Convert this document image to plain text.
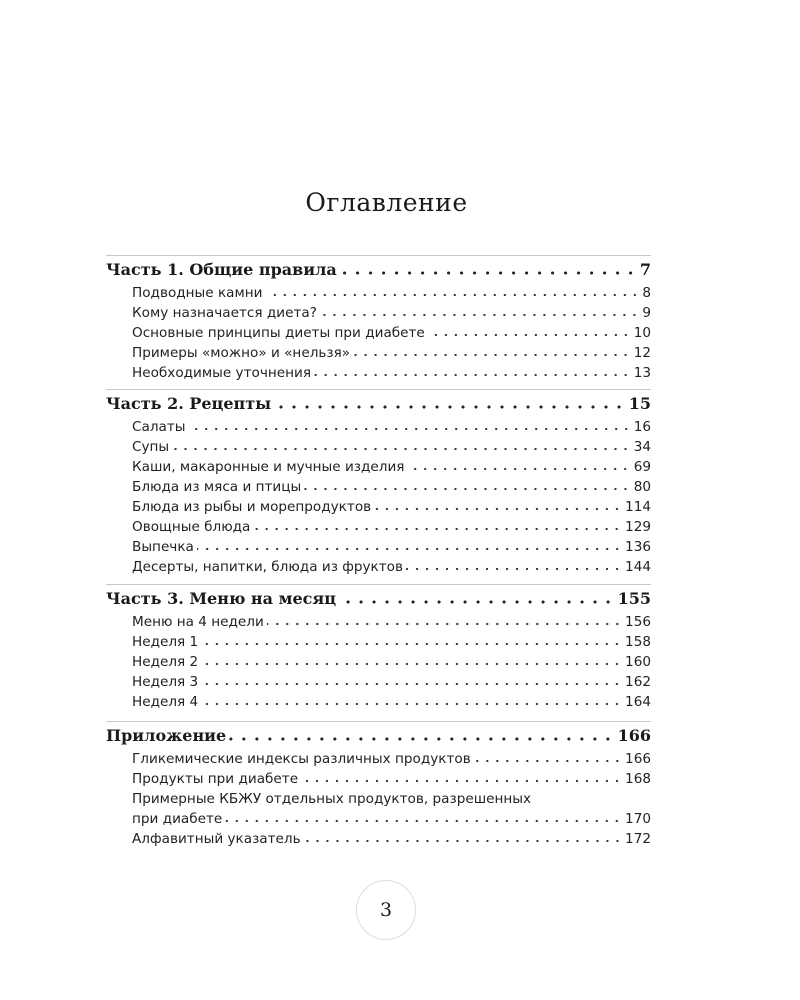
Оглавление
Часть 1. Общие правила	7
Подводные камни	8
Кому назначается диета?	9
Основные принципы диеты при диабете	10
Примеры «можно» и «нельзя»	12
Необходимые уточнения	13
Часть 2. Рецепты	15
Салаты	16
Супы	34
Каши, макаронные и мучные изделия	69
Блюда из мяса и птицы	80
Блюда из рыбы и морепродуктов	114
Овощные блюда	129
Выпечка	136
Десерты, напитки, блюда из фруктов	144
Часть 3. Меню на месяц	155
Меню на 4 недели	156
Неделя 1	158
Неделя 2	160
Неделя 3	162
Неделя 4	164
Приложение	166
Гликемические индексы различных продуктов	166
Продукты при диабете	168
Примерные КБЖУ отдельных продуктов, разрешенных
при диабете	170
Алфавитный указатель	172
3
